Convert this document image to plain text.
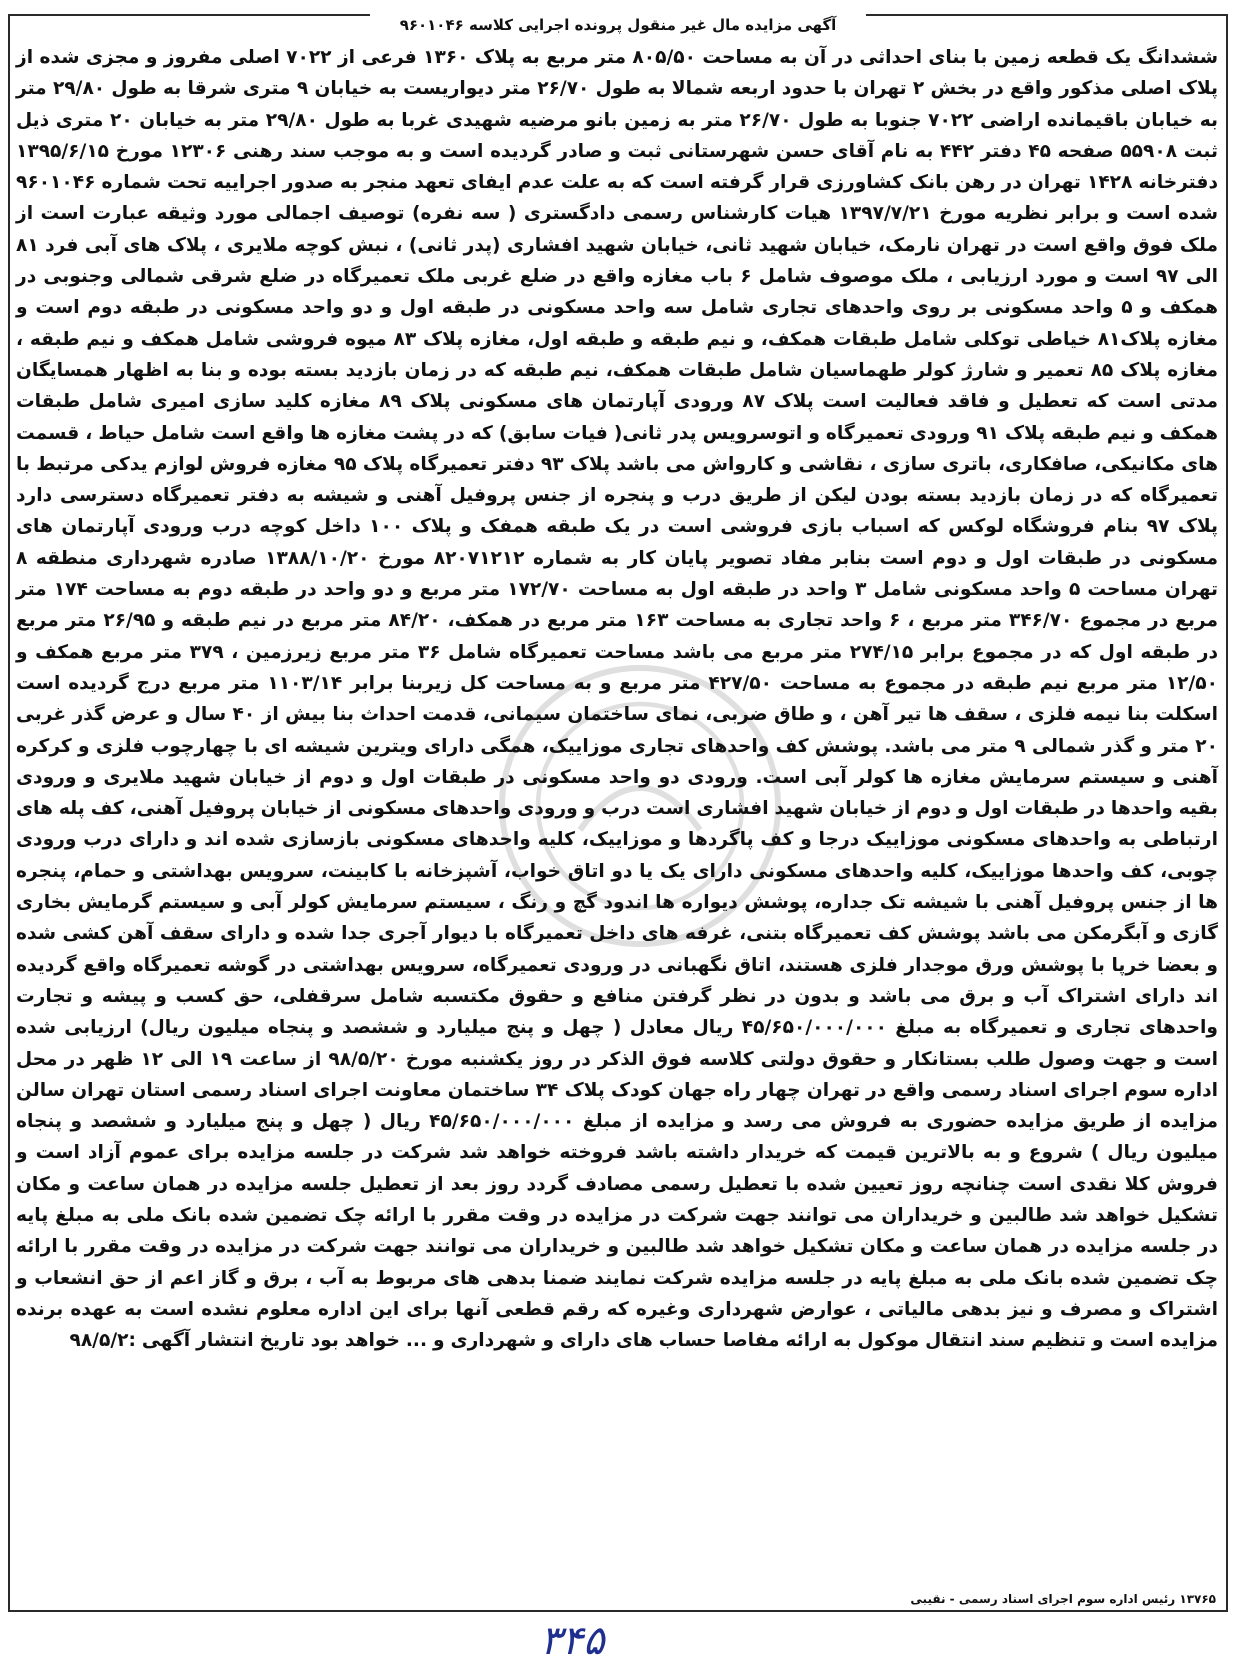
آگهی مزایده مال غیر منقول پرونده اجرایی کلاسه ۹۶۰۱۰۴۶

ششدانگ یک قطعه زمین با بنای احداثی در آن به مساحت ۸۰۵/۵۰ متر مربع به پلاک ۱۳۶۰ فرعی از ۷۰۲۲ اصلی مفروز و مجزی شده از پلاک اصلی مذکور واقع در بخش ۲ تهران با حدود اربعه شمالا به طول ۲۶/۷۰ متر دیواریست به خیابان ۹ متری شرقا به طول ۲۹/۸۰ متر به خیابان باقیمانده اراضی ۷۰۲۲ جنوبا به طول ۲۶/۷۰ متر به زمین بانو مرضیه شهیدی غربا به طول ۲۹/۸۰ متر به خیابان ۲۰ متری ذیل ثبت ۵۵۹۰۸ صفحه ۴۵ دفتر ۴۴۲ به نام آقای حسن شهرستانی ثبت و صادر گردیده است و به موجب سند رهنی ۱۲۳۰۶ مورخ ۱۳۹۵/۶/۱۵ دفترخانه ۱۴۲۸ تهران در رهن بانک کشاورزی قرار گرفته است که به علت عدم ایفای تعهد منجر به صدور اجراییه تحت شماره ۹۶۰۱۰۴۶ شده است و برابر نظریه مورخ ۱۳۹۷/۷/۲۱ هیات کارشناس رسمی دادگستری ( سه نفره) توصیف اجمالی مورد وثیقه عبارت است از ملک فوق واقع است در تهران نارمک، خیابان شهید ثانی، خیابان شهید افشاری (پدر ثانی) ، نبش کوچه ملایری ، پلاک های آبی فرد ۸۱ الی ۹۷ است و مورد ارزیابی ، ملک موصوف شامل ۶ باب مغازه واقع در ضلع غربی ملک تعمیرگاه در ضلع شرقی شمالی وجنوبی در همکف و ۵ واحد مسکونی بر روی واحدهای تجاری شامل سه واحد مسکونی در طبقه اول و دو واحد مسکونی در طبقه دوم است و مغازه پلاک۸۱ خیاطی توکلی شامل طبقات همکف، و نیم طبقه و طبقه اول، مغازه پلاک ۸۳ میوه فروشی شامل همکف و نیم طبقه ، مغازه پلاک ۸۵ تعمیر و شارژ کولر طهماسیان شامل طبقات همکف، نیم طبقه که در زمان بازدید بسته بوده و بنا به اظهار همسایگان مدتی است که تعطیل و فاقد فعالیت است پلاک ۸۷ ورودی آپارتمان های مسکونی پلاک ۸۹ مغازه کلید سازی امیری شامل طبقات همکف و نیم طبقه پلاک ۹۱ ورودی تعمیرگاه و اتوسرویس پدر ثانی( فیات سابق) که در پشت مغازه ها واقع است شامل حیاط ، قسمت های مکانیکی، صافکاری، باتری سازی ، نقاشی و کارواش می باشد پلاک ۹۳ دفتر تعمیرگاه پلاک ۹۵ مغازه فروش لوازم یدکی مرتبط با تعمیرگاه که در زمان بازدید بسته بودن لیکن از طریق درب و پنجره از جنس پروفیل آهنی و شیشه به دفتر تعمیرگاه دسترسی دارد پلاک ۹۷ بنام فروشگاه لوکس که اسباب بازی فروشی است در یک طبقه همفک و پلاک ۱۰۰ داخل کوچه درب ورودی آپارتمان های مسکونی در طبقات اول و دوم است بنابر مفاد تصویر پایان کار به شماره ۸۲۰۷۱۲۱۲ مورخ ۱۳۸۸/۱۰/۲۰ صادره شهرداری منطقه ۸ تهران مساحت ۵ واحد مسکونی شامل ۳ واحد در طبقه اول به مساحت ۱۷۲/۷۰ متر مربع و دو واحد در طبقه دوم به مساحت ۱۷۴ متر مربع در مجموع ۳۴۶/۷۰ متر مربع ، ۶ واحد تجاری به مساحت ۱۶۳ متر مربع در همکف، ۸۴/۲۰ متر مربع در نیم طبقه و ۲۶/۹۵ متر مربع در طبقه اول که در مجموع برابر ۲۷۴/۱۵ متر مربع می باشد مساحت تعمیرگاه شامل ۳۶ متر مربع زیرزمین ، ۳۷۹ متر مربع همکف و ۱۲/۵۰ متر مربع نیم طبقه در مجموع به مساحت ۴۲۷/۵۰ متر مربع و به مساحت کل زیربنا برابر ۱۱۰۳/۱۴ متر مربع درج گردیده است اسکلت بنا نیمه فلزی ، سقف ها تیر آهن ، و طاق ضربی، نمای ساختمان سیمانی، قدمت احداث بنا بیش از ۴۰ سال و عرض گذر غربی ۲۰ متر و گذر شمالی ۹ متر می باشد. پوشش کف واحدهای تجاری موزاییک، همگی دارای ویترین شیشه ای با چهارچوب فلزی و کرکره آهنی و سیستم سرمایش مغازه ها کولر آبی است. ورودی دو واحد مسکونی در طبقات اول و دوم از خیابان شهید ملایری و ورودی بقیه واحدها در طبقات اول و دوم از خیابان شهید افشاری است درب و ورودی واحدهای مسکونی از خیابان پروفیل آهنی، کف پله های ارتباطی به واحدهای مسکونی موزاییک درجا و کف پاگردها و موزاییک، کلیه واحدهای مسکونی بازسازی شده اند و دارای درب ورودی چوبی، کف واحدها موزاییک، کلیه واحدهای مسکونی دارای یک یا دو اتاق خواب، آشپزخانه با کابینت، سرویس بهداشتی و حمام، پنجره ها از جنس پروفیل آهنی با شیشه تک جداره، پوشش دیواره ها اندود گچ و رنگ ، سیستم سرمایش کولر آبی و سیستم گرمایش بخاری گازی و آبگرمکن می باشد پوشش کف تعمیرگاه بتنی، غرفه های داخل تعمیرگاه با دیوار آجری جدا شده و دارای سقف آهن کشی شده و بعضا خرپا با پوشش ورق موجدار فلزی هستند، اتاق نگهبانی در ورودی تعمیرگاه، سرویس بهداشتی در گوشه تعمیرگاه واقع گردیده اند دارای اشتراک آب و برق می باشد و بدون در نظر گرفتن منافع و حقوق مکتسبه شامل سرقفلی، حق کسب و پیشه و تجارت واحدهای تجاری و تعمیرگاه به مبلغ ۴۵/۶۵۰/۰۰۰/۰۰۰ ریال معادل ( چهل و پنج میلیارد و ششصد و پنجاه میلیون ریال) ارزیابی شده است و جهت وصول طلب بستانکار و حقوق دولتی کلاسه فوق الذکر در روز یکشنبه مورخ ۹۸/۵/۲۰ از ساعت ۱۹ الی ۱۲ ظهر در محل اداره سوم اجرای اسناد رسمی واقع در تهران چهار راه جهان کودک پلاک ۳۴ ساختمان معاونت اجرای اسناد رسمی استان تهران سالن مزایده از طریق مزایده حضوری به فروش می رسد و مزایده از مبلغ ۴۵/۶۵۰/۰۰۰/۰۰۰ ریال ( چهل و پنج میلیارد و ششصد و پنجاه میلیون ریال ) شروع و به بالاترین قیمت که خریدار داشته باشد فروخته خواهد شد شرکت در جلسه مزایده برای عموم آزاد است و فروش کلا نقدی است چنانچه روز تعیین شده با تعطیل رسمی مصادف گردد روز بعد از تعطیل جلسه مزایده در همان ساعت و مکان تشکیل خواهد شد طالبین و خریداران می توانند جهت شرکت در مزایده در وقت مقرر با ارائه چک تضمین شده بانک ملی به مبلغ پایه در جلسه مزایده در همان ساعت و مکان تشکیل خواهد شد طالبین و خریداران می توانند جهت شرکت در مزایده در وقت مقرر با ارائه چک تضمین شده بانک ملی به مبلغ پایه در جلسه مزایده شرکت نمایند ضمنا بدهی های مربوط به آب ، برق و گاز اعم از حق انشعاب و اشتراک و مصرف و نیز بدهی مالیاتی ، عوارض شهرداری وغیره که رقم قطعی آنها برای این اداره معلوم نشده است به عهده برنده مزایده است و تنظیم سند انتقال موکول به ارائه مفاصا حساب های دارای و شهرداری و ... خواهد بود تاریخ انتشار آگهی :۹۸/۵/۲

۱۳۷۶۵ رئیس اداره سوم اجرای اسناد رسمی - نقیبی
۳۴۵
